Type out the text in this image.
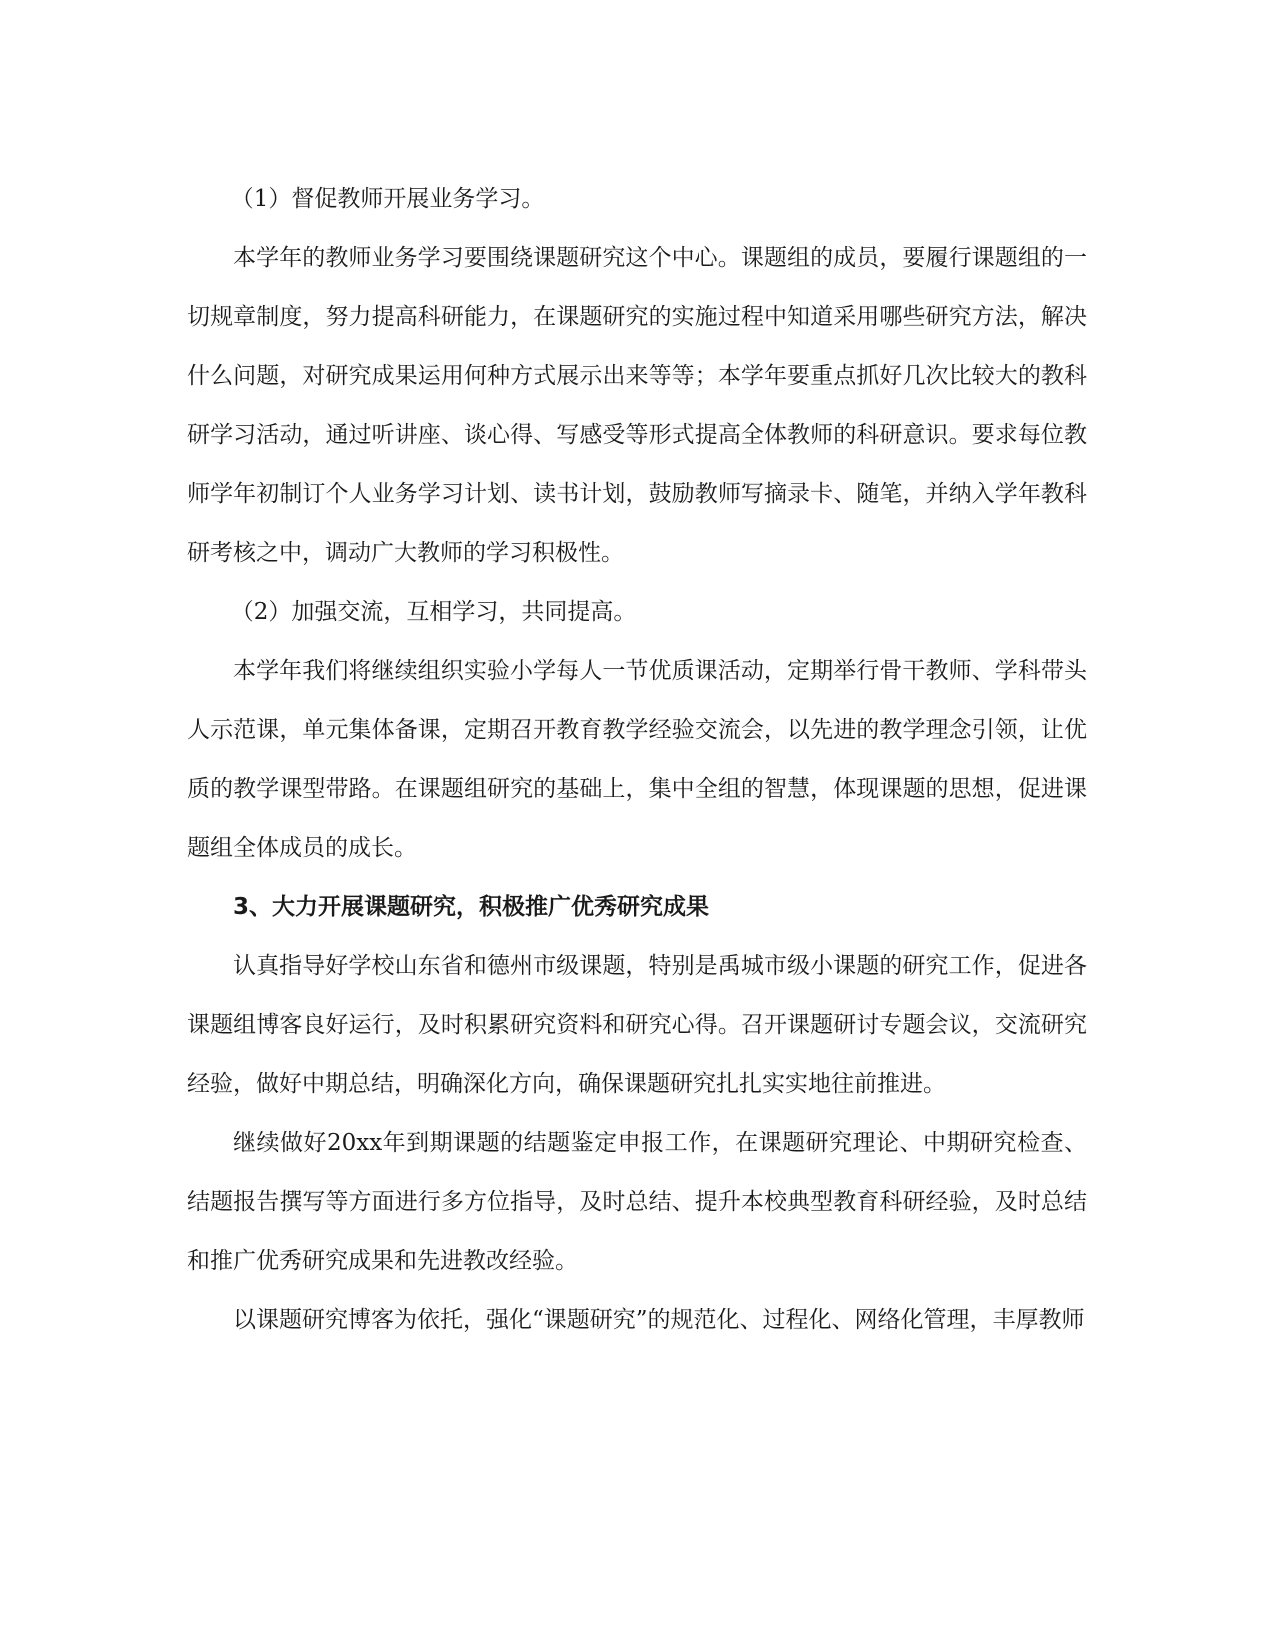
（1）督促教师开展业务学习。

本学年的教师业务学习要围绕课题研究这个中心。课题组的成员，要履行课题组的一切规章制度，努力提高科研能力，在课题研究的实施过程中知道采用哪些研究方法，解决什么问题，对研究成果运用何种方式展示出来等等；本学年要重点抓好几次比较大的教科研学习活动，通过听讲座、谈心得、写感受等形式提高全体教师的科研意识。要求每位教师学年初制订个人业务学习计划、读书计划，鼓励教师写摘录卡、随笔，并纳入学年教科研考核之中，调动广大教师的学习积极性。

（2）加强交流，互相学习，共同提高。

本学年我们将继续组织实验小学每人一节优质课活动，定期举行骨干教师、学科带头人示范课，单元集体备课，定期召开教育教学经验交流会，以先进的教学理念引领，让优质的教学课型带路。在课题组研究的基础上，集中全组的智慧，体现课题的思想，促进课题组全体成员的成长。

3、大力开展课题研究，积极推广优秀研究成果

认真指导好学校山东省和德州市级课题，特别是禹城市级小课题的研究工作，促进各课题组博客良好运行，及时积累研究资料和研究心得。召开课题研讨专题会议，交流研究经验，做好中期总结，明确深化方向，确保课题研究扎扎实实地往前推进。

继续做好20xx年到期课题的结题鉴定申报工作，在课题研究理论、中期研究检查、结题报告撰写等方面进行多方位指导，及时总结、提升本校典型教育科研经验，及时总结和推广优秀研究成果和先进教改经验。

以课题研究博客为依托，强化“课题研究”的规范化、过程化、网络化管理，丰厚教师
